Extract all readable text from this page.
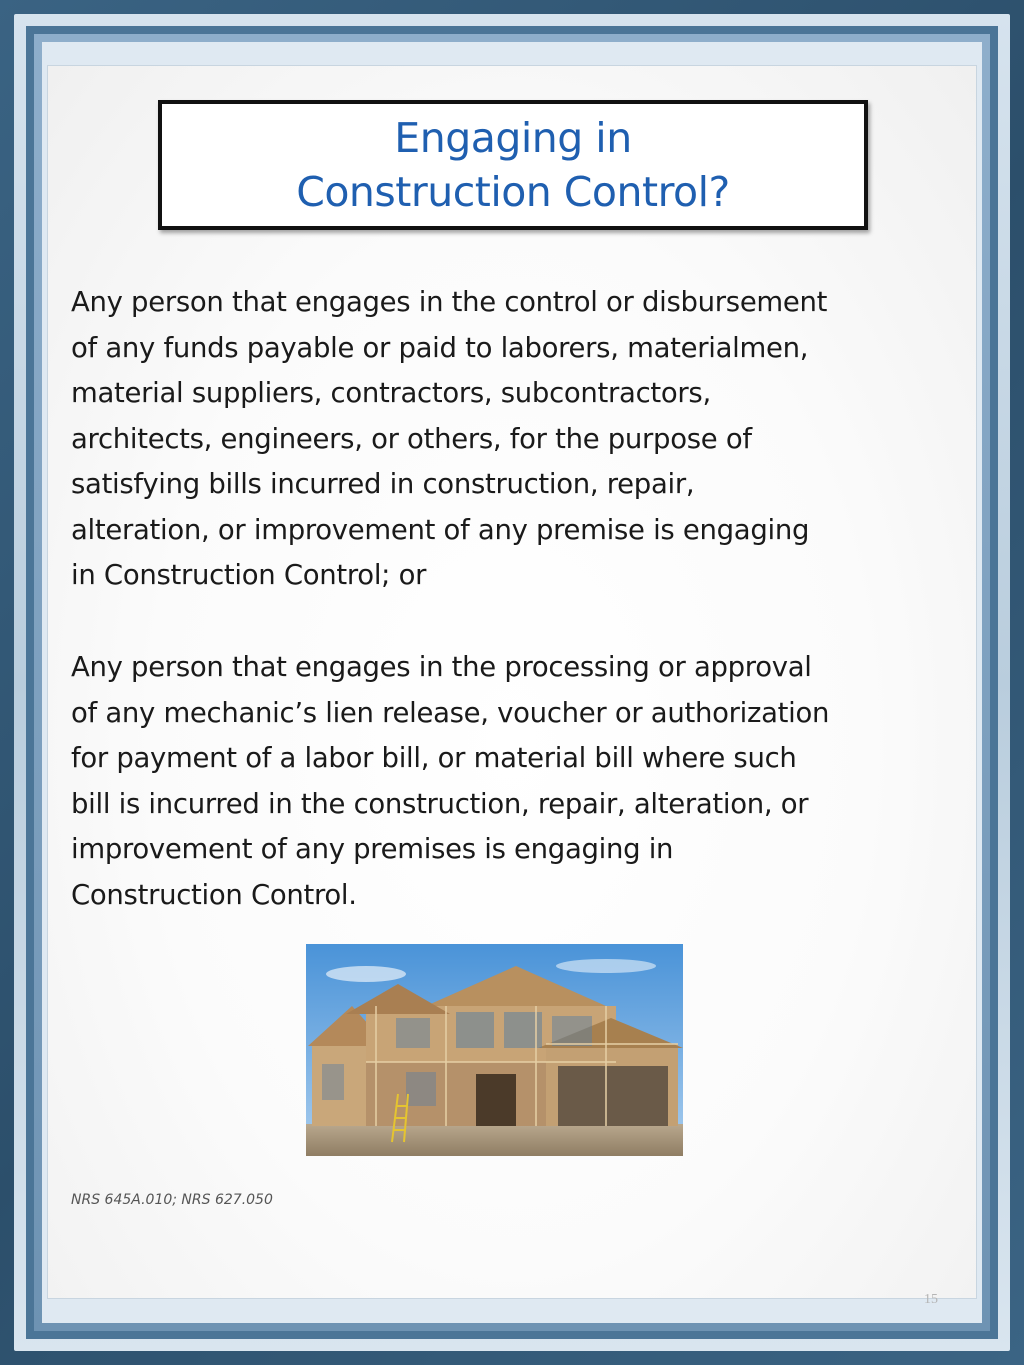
Engaging in
Construction Control?
Any person that engages in the control or disbursement
of any funds payable or paid to laborers, materialmen,
material suppliers, contractors, subcontractors,
architects, engineers, or others, for the purpose of
satisfying bills incurred in construction, repair,
alteration, or improvement of any premise is engaging
in Construction Control; or
Any person that engages in the processing or approval
of any mechanic’s lien release, voucher or authorization
for payment of a labor bill, or material bill where such
bill is incurred in the construction, repair, alteration, or
improvement of any premises is engaging in
Construction Control.
NRS 645A.010; NRS 627.050
15
